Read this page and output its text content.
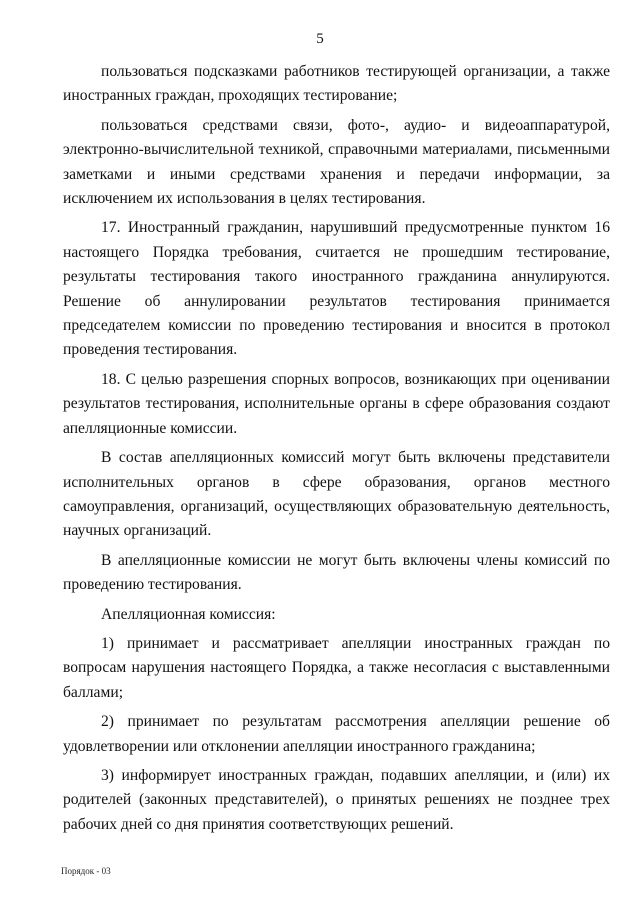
5

пользоваться подсказками работников тестирующей организации, а также иностранных граждан, проходящих тестирование;

пользоваться средствами связи, фото-, аудио- и видеоаппаратурой, электронно-вычислительной техникой, справочными материалами, письменными заметками и иными средствами хранения и передачи информации, за исключением их использования в целях тестирования.

17. Иностранный гражданин, нарушивший предусмотренные пунктом 16 настоящего Порядка требования, считается не прошедшим тестирование, результаты тестирования такого иностранного гражданина аннулируются. Решение об аннулировании результатов тестирования принимается председателем комиссии по проведению тестирования и вносится в протокол проведения тестирования.

18. С целью разрешения спорных вопросов, возникающих при оценивании результатов тестирования, исполнительные органы в сфере образования создают апелляционные комиссии.

В состав апелляционных комиссий могут быть включены представители исполнительных органов в сфере образования, органов местного самоуправления, организаций, осуществляющих образовательную деятельность, научных организаций.

В апелляционные комиссии не могут быть включены члены комиссий по проведению тестирования.

Апелляционная комиссия:

1) принимает и рассматривает апелляции иностранных граждан по вопросам нарушения настоящего Порядка, а также несогласия с выставленными баллами;

2) принимает по результатам рассмотрения апелляции решение об удовлетворении или отклонении апелляции иностранного гражданина;

3) информирует иностранных граждан, подавших апелляции, и (или) их родителей (законных представителей), о принятых решениях не позднее трех рабочих дней со дня принятия соответствующих решений.

Порядок - 03
